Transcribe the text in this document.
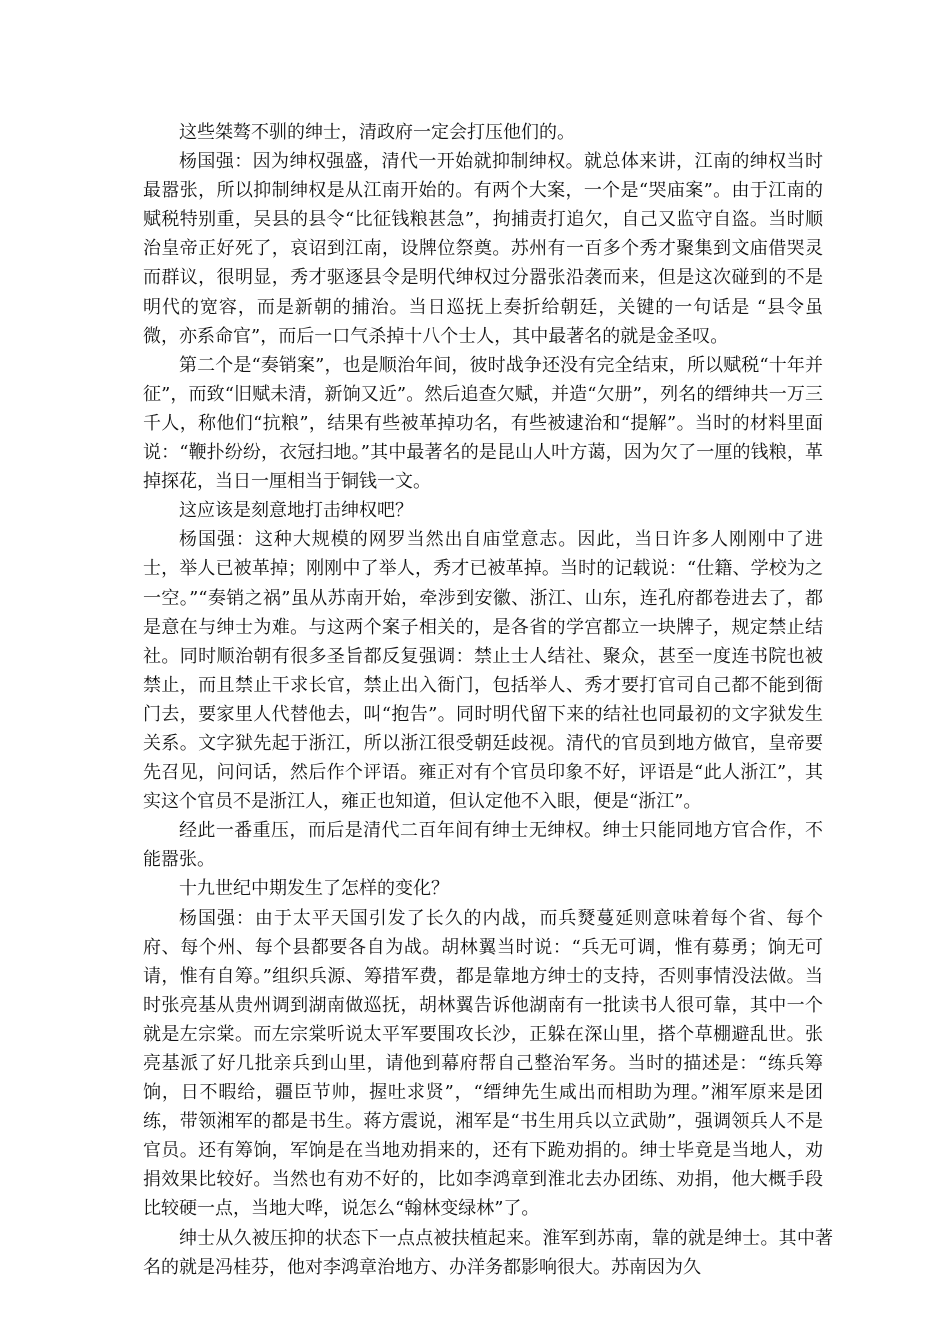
这些桀骜不驯的绅士，清政府一定会打压他们的。

杨国强：因为绅权强盛，清代一开始就抑制绅权。就总体来讲，江南的绅权当时最嚣张，所以抑制绅权是从江南开始的。有两个大案，一个是“哭庙案”。由于江南的赋税特别重，吴县的县令“比征钱粮甚急”，拘捕责打追欠，自己又监守自盗。当时顺治皇帝正好死了，哀诏到江南，设牌位祭奠。苏州有一百多个秀才聚集到文庙借哭灵而群议，很明显，秀才驱逐县令是明代绅权过分嚣张沿袭而来，但是这次碰到的不是明代的宽容，而是新朝的捕治。当日巡抚上奏折给朝廷，关键的一句话是 “县令虽微，亦系命官”，而后一口气杀掉十八个士人，其中最著名的就是金圣叹。

第二个是“奏销案”，也是顺治年间，彼时战争还没有完全结束，所以赋税“十年并征”，而致“旧赋未清，新饷又近”。然后追查欠赋，并造“欠册”，列名的缙绅共一万三千人，称他们“抗粮”，结果有些被革掉功名，有些被逮治和“提解”。当时的材料里面说：“鞭扑纷纷，衣冠扫地。”其中最著名的是昆山人叶方蔼，因为欠了一厘的钱粮，革掉探花，当日一厘相当于铜钱一文。

这应该是刻意地打击绅权吧？

杨国强：这种大规模的网罗当然出自庙堂意志。因此，当日许多人刚刚中了进士，举人已被革掉；刚刚中了举人，秀才已被革掉。当时的记载说：“仕籍、学校为之一空。”“奏销之祸”虽从苏南开始，牵涉到安徽、浙江、山东，连孔府都卷进去了，都是意在与绅士为难。与这两个案子相关的，是各省的学宫都立一块牌子，规定禁止结社。同时顺治朝有很多圣旨都反复强调：禁止士人结社、聚众，甚至一度连书院也被禁止，而且禁止干求长官，禁止出入衙门，包括举人、秀才要打官司自己都不能到衙门去，要家里人代替他去，叫“抱告”。同时明代留下来的结社也同最初的文字狱发生关系。文字狱先起于浙江，所以浙江很受朝廷歧视。清代的官员到地方做官，皇帝要先召见，问问话，然后作个评语。雍正对有个官员印象不好，评语是“此人浙江”，其实这个官员不是浙江人，雍正也知道，但认定他不入眼，便是“浙江”。

经此一番重压，而后是清代二百年间有绅士无绅权。绅士只能同地方官合作，不能嚣张。

十九世纪中期发生了怎样的变化？

杨国强：由于太平天国引发了长久的内战，而兵燹蔓延则意味着每个省、每个府、每个州、每个县都要各自为战。胡林翼当时说：“兵无可调，惟有募勇；饷无可请，惟有自筹。”组织兵源、筹措军费，都是靠地方绅士的支持，否则事情没法做。当时张亮基从贵州调到湖南做巡抚，胡林翼告诉他湖南有一批读书人很可靠，其中一个就是左宗棠。而左宗棠听说太平军要围攻长沙，正躲在深山里，搭个草棚避乱世。张亮基派了好几批亲兵到山里，请他到幕府帮自己整治军务。当时的描述是：“练兵筹饷，日不暇给，疆臣节帅，握吐求贤”，“缙绅先生咸出而相助为理。”湘军原来是团练，带领湘军的都是书生。蒋方震说，湘军是“书生用兵以立武勋”，强调领兵人不是官员。还有筹饷，军饷是在当地劝捐来的，还有下跪劝捐的。绅士毕竟是当地人，劝捐效果比较好。当然也有劝不好的，比如李鸿章到淮北去办团练、劝捐，他大概手段比较硬一点，当地大哗，说怎么“翰林变绿林”了。

绅士从久被压抑的状态下一点点被扶植起来。淮军到苏南，靠的就是绅士。其中著名的就是冯桂芬，他对李鸿章治地方、办洋务都影响很大。苏南因为久
